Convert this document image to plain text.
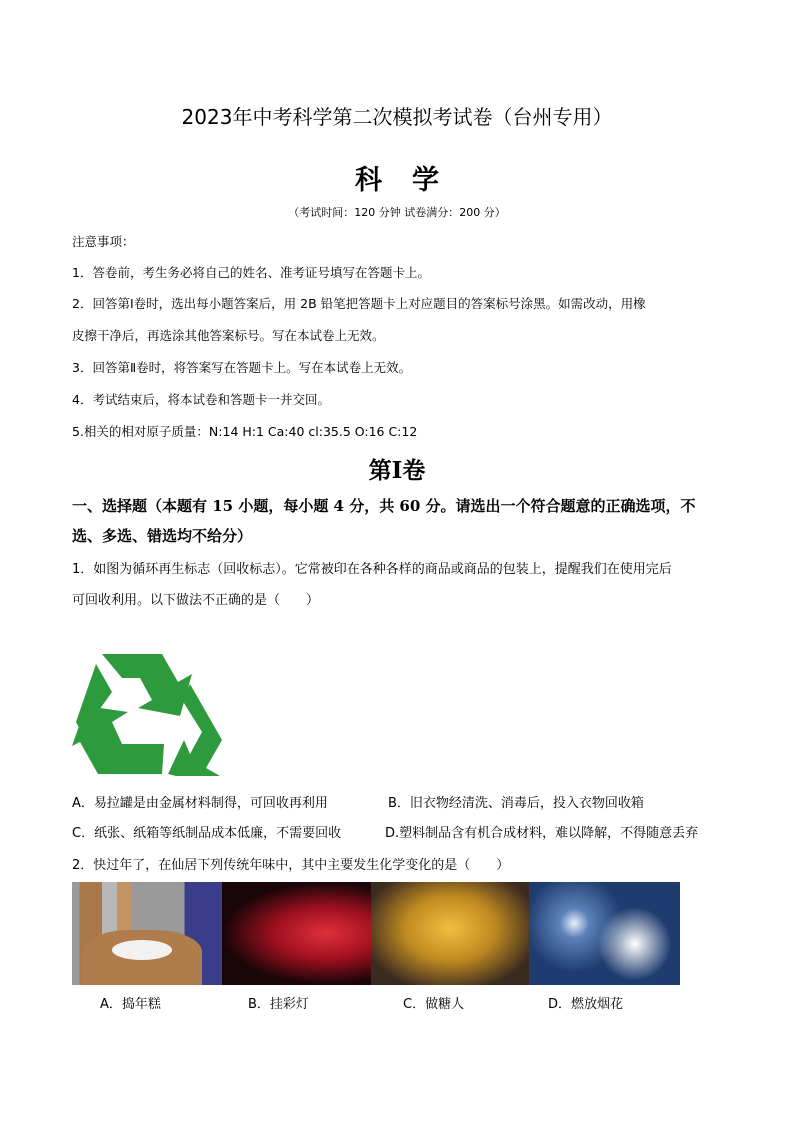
2023年中考科学第二次模拟考试卷（台州专用）
科学
（考试时间：120 分钟 试卷满分：200 分）
注意事项：
1．答卷前，考生务必将自己的姓名、准考证号填写在答题卡上。
2．回答第Ⅰ卷时，选出每小题答案后，用 2B 铅笔把答题卡上对应题目的答案标号涂黑。如需改动，用橡
皮擦干净后，再选涂其他答案标号。写在本试卷上无效。
3．回答第Ⅱ卷时，将答案写在答题卡上。写在本试卷上无效。
4．考试结束后，将本试卷和答题卡一并交回。
5.相关的相对原子质量：N:14 H:1 Ca:40 cl:35.5 O:16 C:12
第Ⅰ卷
一、选择题（本题有 15 小题，每小题 4 分，共 60 分。请选出一个符合题意的正确选项，不
选、多选、错选均不给分）
1．如图为循环再生标志（回收标志）。它常被印在各种各样的商品或商品的包装上，提醒我们在使用完后
可回收利用。以下做法不正确的是（　　）
A．易拉罐是由金属材料制得，可回收再利用	B．旧衣物经清洗、消毒后，投入衣物回收箱
C．纸张、纸箱等纸制品成本低廉，不需要回收	D.塑料制品含有机合成材料，难以降解，不得随意丢弃
2．快过年了，在仙居下列传统年味中，其中主要发生化学变化的是（　　）
A．捣年糕	B．挂彩灯	C．做糖人	D．燃放烟花
